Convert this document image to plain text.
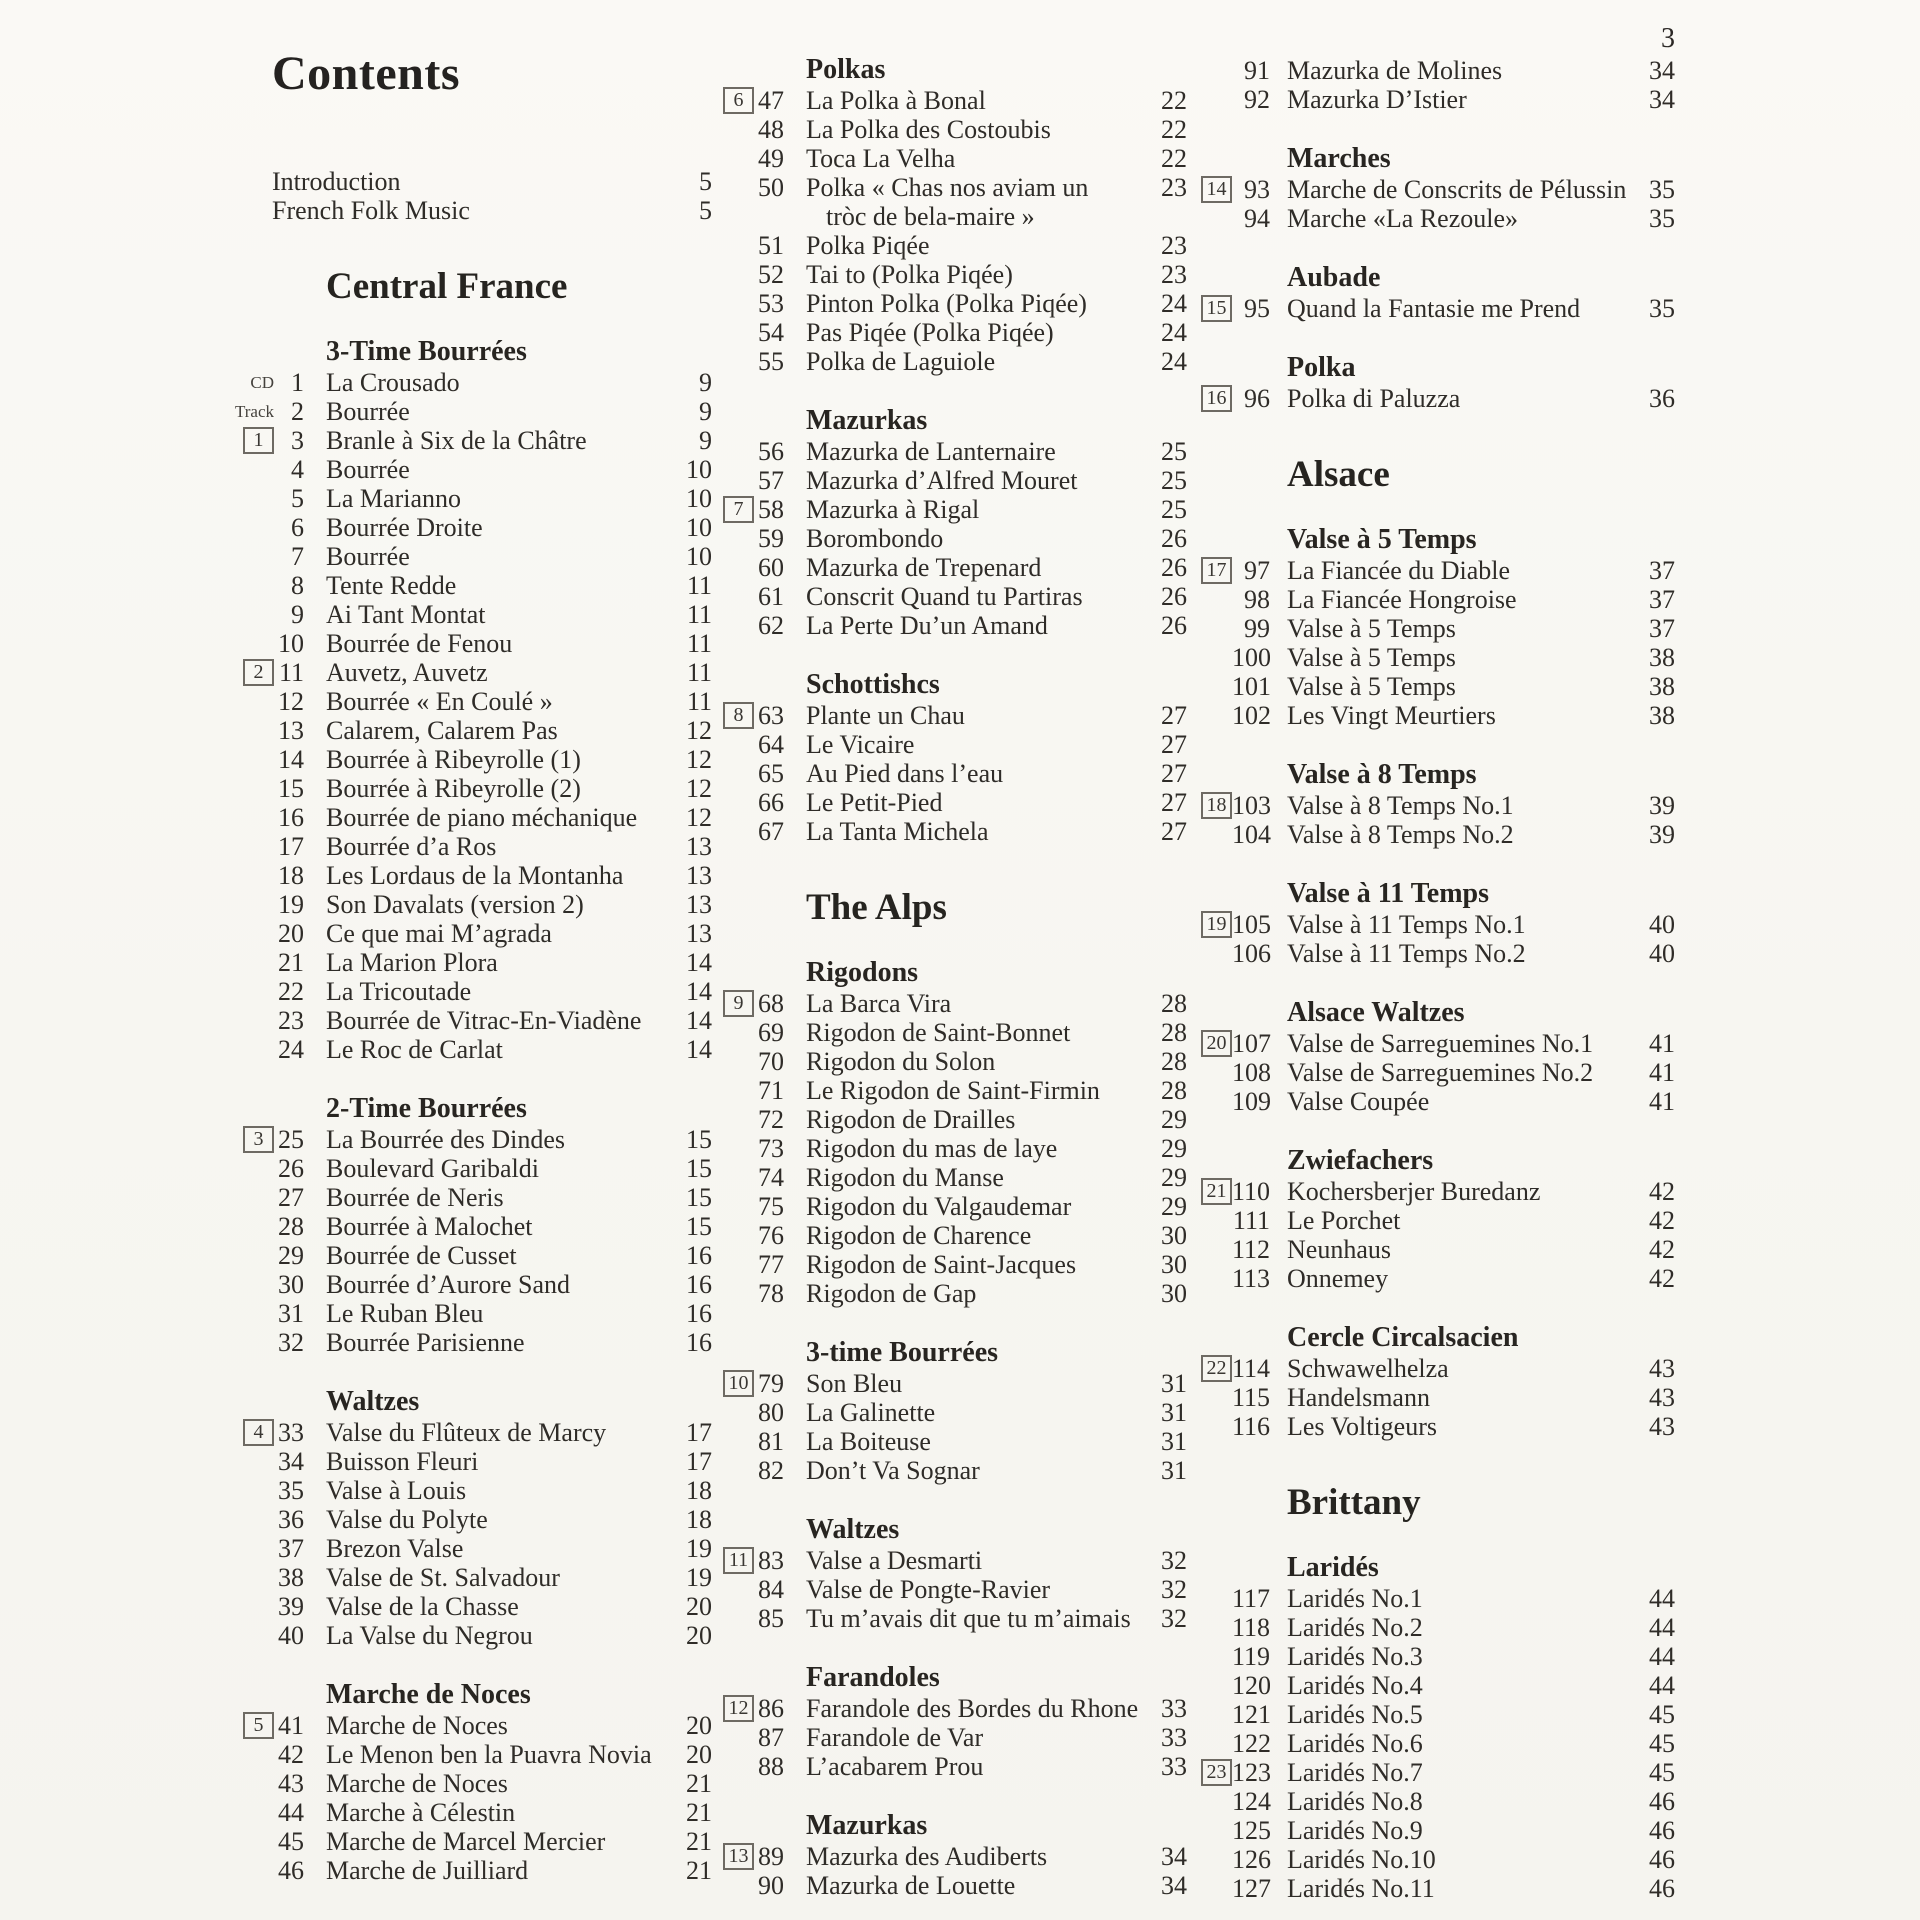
3
Contents
Introduction	5
French Folk Music	5
Central France
3-Time Bourrées
CD 1 La Crousado	9
Track 2 Bourrée	9
1	3 Branle à Six de la Châtre	9
4 Bourrée	10
5 La Marianno	10
6 Bourrée Droite	10
7 Bourrée	10
8 Tente Redde	11
9 Ai Tant Montat	11
10 Bourrée de Fenou	11
2 11 Auvetz, Auvetz	11
12 Bourrée « En Coulé »	11
13 Calarem, Calarem Pas	12
14 Bourrée à Ribeyrolle (1)	12
15 Bourrée à Ribeyrolle (2)	12
16 Bourrée de piano méchanique	12
17 Bourrée d’a Ros	13
18 Les Lordaus de la Montanha	13
19 Son Davalats (version 2)	13
20 Ce que mai M’agrada	13
21 La Marion Plora	14
22 La Tricoutade	14
23 Bourrée de Vitrac-En-Viadène	14
24 Le Roc de Carlat	14
2-Time Bourrées
3 25 La Bourrée des Dindes	15
26 Boulevard Garibaldi	15
27 Bourrée de Neris	15
28 Bourrée à Malochet	15
29 Bourrée de Cusset	16
30 Bourrée d’Aurore Sand	16
31 Le Ruban Bleu	16
32 Bourrée Parisienne	16
Waltzes
4 33 Valse du Flûteux de Marcy	17
34 Buisson Fleuri	17
35 Valse à Louis	18
36 Valse du Polyte	18
37 Brezon Valse	19
38 Valse de St. Salvadour	19
39 Valse de la Chasse	20
40 La Valse du Negrou	20
Marche de Noces
5 41 Marche de Noces	20
42 Le Menon ben la Puavra Novia	20
43 Marche de Noces	21
44 Marche à Célestin	21
45 Marche de Marcel Mercier	21
46 Marche de Juilliard	21
Polkas
6 47 La Polka à Bonal	22
48 La Polka des Costoubis	22
49 Toca La Velha	22
50 Polka « Chas nos aviam un	23
tròc de bela-maire »
51 Polka Piqée	23
52 Tai to (Polka Piqée)	23
53 Pinton Polka (Polka Piqée)	24
54 Pas Piqée (Polka Piqée)	24
55 Polka de Laguiole	24
Mazurkas
56 Mazurka de Lanternaire	25
57 Mazurka d’Alfred Mouret	25
7 58 Mazurka à Rigal	25
59 Borombondo	26
60 Mazurka de Trepenard	26
61 Conscrit Quand tu Partiras	26
62 La Perte Du’un Amand	26
Schottishcs
8 63 Plante un Chau	27
64 Le Vicaire	27
65 Au Pied dans l’eau	27
66 Le Petit-Pied	27
67 La Tanta Michela	27
The Alps
Rigodons
9 68 La Barca Vira	28
69 Rigodon de Saint-Bonnet	28
70 Rigodon du Solon	28
71 Le Rigodon de Saint-Firmin	28
72 Rigodon de Drailles	29
73 Rigodon du mas de laye	29
74 Rigodon du Manse	29
75 Rigodon du Valgaudemar	29
76 Rigodon de Charence	30
77 Rigodon de Saint-Jacques	30
78 Rigodon de Gap	30
3-time Bourrées
10 79 Son Bleu	31
80 La Galinette	31
81 La Boiteuse	31
82 Don’t Va Sognar	31
Waltzes
11 83 Valse a Desmarti	32
84 Valse de Pongte-Ravier	32
85 Tu m’avais dit que tu m’aimais	32
Farandoles
12 86 Farandole des Bordes du Rhone 33
87 Farandole de Var	33
88 L’acabarem Prou	33
Mazurkas
13 89 Mazurka des Audiberts	34
90 Mazurka de Louette	34
91 Mazurka de Molines	34
92 Mazurka D’Istier	34
Marches
14 93 Marche de Conscrits de Pélussin 35
94 Marche «La Rezoule»	35
Aubade
15 95 Quand la Fantasie me Prend	35
Polka
16 96 Polka di Paluzza	36
Alsace
Valse à 5 Temps
17 97 La Fiancée du Diable	37
98 La Fiancée Hongroise	37
99 Valse à 5 Temps	37
100 Valse à 5 Temps	38
101 Valse à 5 Temps	38
102 Les Vingt Meurtiers	38
Valse à 8 Temps
18 103 Valse à 8 Temps No.1	39
104 Valse à 8 Temps No.2	39
Valse à 11 Temps
19 105 Valse à 11 Temps No.1	40
106 Valse à 11 Temps No.2	40
Alsace Waltzes
20 107 Valse de Sarreguemines No.1	41
108 Valse de Sarreguemines No.2	41
109 Valse Coupée	41
Zwiefachers
21 110 Kochersberjer Buredanz	42
111 Le Porchet	42
112 Neunhaus	42
113 Onnemey	42
Cercle Circalsacien
22 114 Schwawelhelza	43
115 Handelsmann	43
116 Les Voltigeurs	43
Brittany
Laridés
117 Laridés No.1	44
118 Laridés No.2	44
119 Laridés No.3	44
120 Laridés No.4	44
121 Laridés No.5	45
122 Laridés No.6	45
23 123 Laridés No.7	45
124 Laridés No.8	46
125 Laridés No.9	46
126 Laridés No.10	46
127 Laridés No.11	46
